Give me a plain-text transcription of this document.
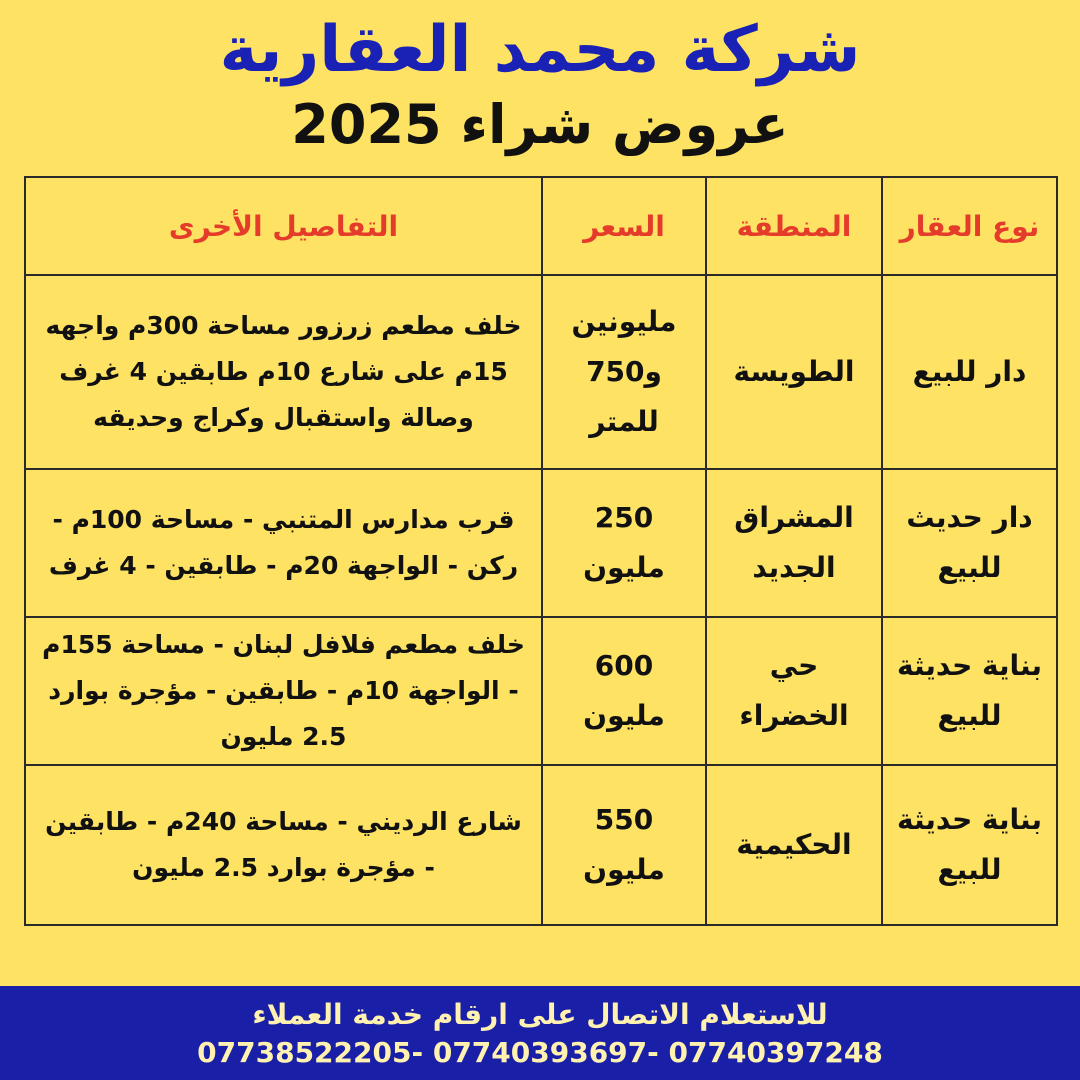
شركة محمد العقارية
عروض شراء 2025
نوع العقار	المنطقة	السعر	التفاصيل الأخرى
دار للبيع	الطويسة	مليونين و750 للمتر	خلف مطعم زرزور مساحة 300م واجهه 15م على شارع 10م طابقين 4 غرف وصالة واستقبال وكراج وحديقه
دار حديث للبيع	المشراق الجديد	250 مليون	قرب مدارس المتنبي - مساحة 100م - ركن - الواجهة 20م - طابقين - 4 غرف
بناية حديثة للبيع	حي الخضراء	600 مليون	خلف مطعم فلافل لبنان - مساحة 155م - الواجهة 10م - طابقين - مؤجرة بوارد 2.5 مليون
بناية حديثة للبيع	الحكيمية	550 مليون	شارع الرديني - مساحة 240م - طابقين - مؤجرة بوارد 2.5 مليون
للاستعلام الاتصال على ارقام خدمة العملاء
07738522205- 07740393697- 07740397248
